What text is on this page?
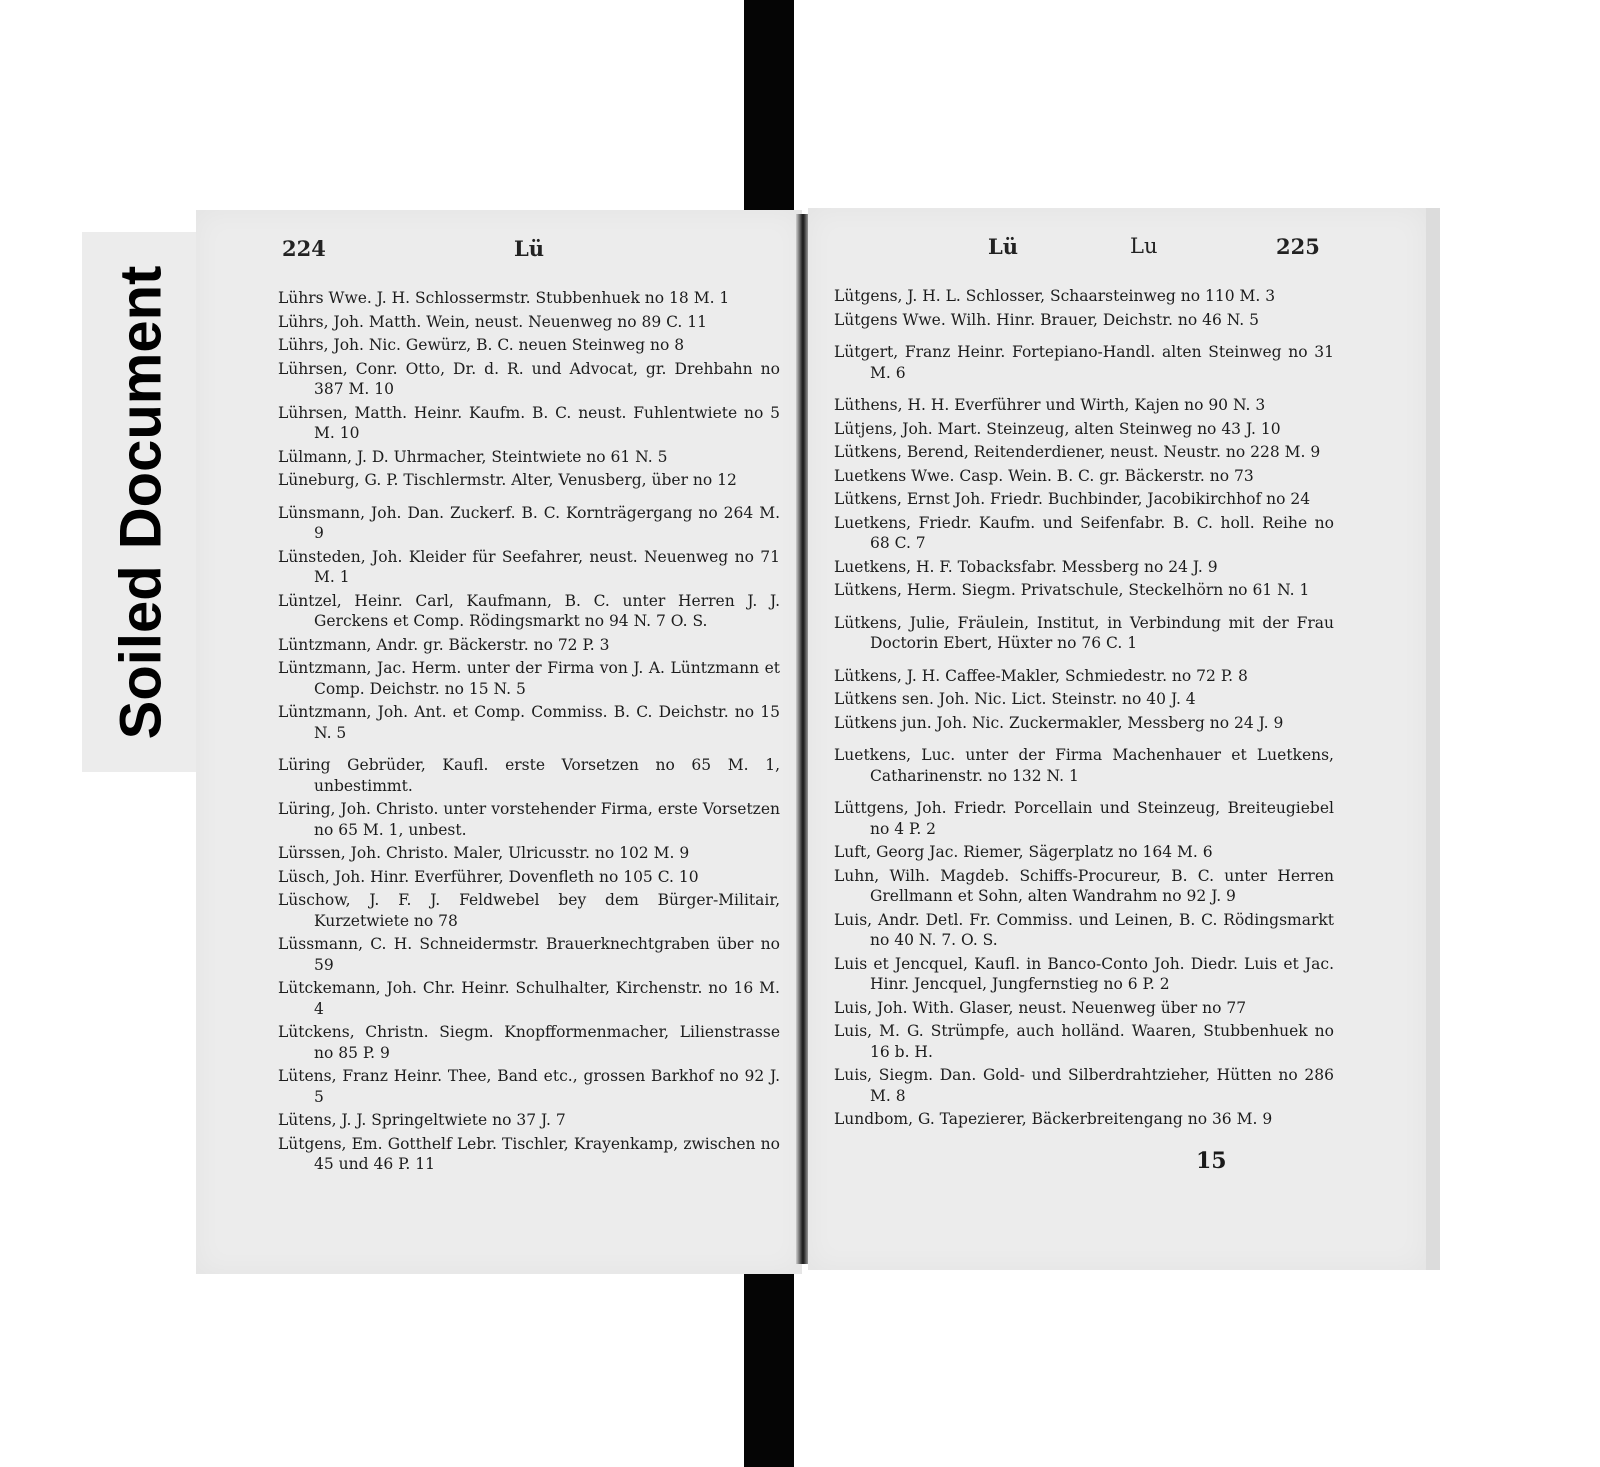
Soiled Document
224	Lü
Lührs Wwe. J. H. Schlossermstr. Stubbenhuek no 18 M. 1
Lührs, Joh. Matth. Wein, neust. Neuenweg no 89 C. 11
Lührs, Joh. Nic. Gewürz, B. C. neuen Steinweg no 8
Lührsen, Conr. Otto, Dr. d. R. und Advocat, gr. Drehbahn no 387 M. 10
Lührsen, Matth. Heinr. Kaufm. B. C. neust. Fuhlentwiete no 5 M. 10
Lülmann, J. D. Uhrmacher, Steintwiete no 61 N. 5
Lüneburg, G. P. Tischlermstr. Alter, Venusberg, über no 12
Lünsmann, Joh. Dan. Zuckerf. B. C. Kornträgergang no 264 M. 9
Lünsteden, Joh. Kleider für Seefahrer, neust. Neuenweg no 71 M. 1
Lüntzel, Heinr. Carl, Kaufmann, B. C. unter Herren J. J. Gerckens et Comp. Rödingsmarkt no 94 N. 7 O. S.
Lüntzmann, Andr. gr. Bäckerstr. no 72 P. 3
Lüntzmann, Jac. Herm. unter der Firma von J. A. Lüntzmann et Comp. Deichstr. no 15 N. 5
Lüntzmann, Joh. Ant. et Comp. Commiss. B. C. Deichstr. no 15 N. 5
Lüring Gebrüder, Kaufl. erste Vorsetzen no 65 M. 1, unbestimmt.
Lüring, Joh. Christo. unter vorstehender Firma, erste Vorsetzen no 65 M. 1, unbest.
Lürssen, Joh. Christo. Maler, Ulricusstr. no 102 M. 9
Lüsch, Joh. Hinr. Everführer, Dovenfleth no 105 C. 10
Lüschow, J. F. J. Feldwebel bey dem Bürger-Militair, Kurzetwiete no 78
Lüssmann, C. H. Schneidermstr. Brauerknechtgraben über no 59
Lütckemann, Joh. Chr. Heinr. Schulhalter, Kirchenstr. no 16 M. 4
Lütckens, Christn. Siegm. Knopfformenmacher, Lilienstrasse no 85 P. 9
Lütens, Franz Heinr. Thee, Band etc., grossen Barkhof no 92 J. 5
Lütens, J. J. Springeltwiete no 37 J. 7
Lütgens, Em. Gotthelf Lebr. Tischler, Krayenkamp, zwischen no 45 und 46 P. 11
Lü	Lu	225
Lütgens, J. H. L. Schlosser, Schaarsteinweg no 110 M. 3
Lütgens Wwe. Wilh. Hinr. Brauer, Deichstr. no 46 N. 5
Lütgert, Franz Heinr. Fortepiano-Handl. alten Steinweg no 31 M. 6
Lüthens, H. H. Everführer und Wirth, Kajen no 90 N. 3
Lütjens, Joh. Mart. Steinzeug, alten Steinweg no 43 J. 10
Lütkens, Berend, Reitenderdiener, neust. Neustr. no 228 M. 9
Luetkens Wwe. Casp. Wein. B. C. gr. Bäckerstr. no 73
Lütkens, Ernst Joh. Friedr. Buchbinder, Jacobikirchhof no 24
Luetkens, Friedr. Kaufm. und Seifenfabr. B. C. holl. Reihe no 68 C. 7
Luetkens, H. F. Tobacksfabr. Messberg no 24 J. 9
Lütkens, Herm. Siegm. Privatschule, Steckelhörn no 61 N. 1
Lütkens, Julie, Fräulein, Institut, in Verbindung mit der Frau Doctorin Ebert, Hüxter no 76 C. 1
Lütkens, J. H. Caffee-Makler, Schmiedestr. no 72 P. 8
Lütkens sen. Joh. Nic. Lict. Steinstr. no 40 J. 4
Lütkens jun. Joh. Nic. Zuckermakler, Messberg no 24 J. 9
Luetkens, Luc. unter der Firma Machenhauer et Luetkens, Catharinenstr. no 132 N. 1
Lüttgens, Joh. Friedr. Porcellain und Steinzeug, Breiteugiebel no 4 P. 2
Luft, Georg Jac. Riemer, Sägerplatz no 164 M. 6
Luhn, Wilh. Magdeb. Schiffs-Procureur, B. C. unter Herren Grellmann et Sohn, alten Wandrahm no 92 J. 9
Luis, Andr. Detl. Fr. Commiss. und Leinen, B. C. Rödingsmarkt no 40 N. 7. O. S.
Luis et Jencquel, Kaufl. in Banco-Conto Joh. Diedr. Luis et Jac. Hinr. Jencquel, Jungfernstieg no 6 P. 2
Luis, Joh. With. Glaser, neust. Neuenweg über no 77
Luis, M. G. Strümpfe, auch holländ. Waaren, Stubbenhuek no 16 b. H.
Luis, Siegm. Dan. Gold- und Silberdrahtzieher, Hütten no 286 M. 8
Lundbom, G. Tapezierer, Bäckerbreitengang no 36 M. 9
15
